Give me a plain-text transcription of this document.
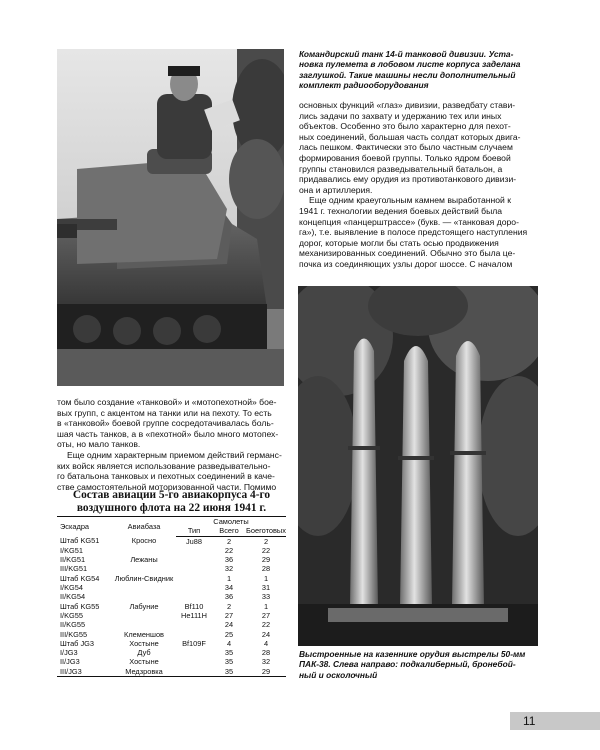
Командирский танк 14-й танковой дивизии. Уста-
новка пулемета в лобовом листе корпуса заделана
заглушкой. Такие машины несли дополнительный
комплект радиооборудования
основных функций «глаз» дивизии, разведбату стави-
лись задачи по захвату и удержанию тех или иных
объектов. Особенно это было характерно для пехот-
ных соединений, большая часть солдат которых двига-
лась пешком. Фактически это было частным случаем
формирования боевой группы. Только ядром боевой
группы становился разведывательный батальон, а
придавались ему орудия из противотанкового дивизи-
она и артиллерия.
Еще одним краеугольным камнем выработанной к
1941 г. технологии ведения боевых действий была
концепция «панцерштрассе» (букв. — «танковая доро-
га»), т.е. выявление в полосе предстоящего наступления
дорог, которые могли бы стать осью продвижения
механизированных соединений. Обычно это была це-
почка из соединяющих узлы дорог шоссе. С началом
Выстроенные на казеннике орудия выстрелы 50-мм
ПАК-38. Слева направо: подкалиберный, бронебой-
ный и осколочный
том было создание «танковой» и «мотопехотной» бое-
вых групп, с акцентом на танки или на пехоту. То есть
в «танковой» боевой группе сосредотачивалась боль-
шая часть танков, а в «пехотной» было много мотопех-
оты, но мало танков.
Еще одним характерным приемом действий германс-
ких войск является использование разведывательно-
го батальона танковых и пехотных соединений в каче-
стве самостоятельной моторизованной части. Помимо
Состав авиации 5-го авиакорпуса 4-го
воздушного флота на 22 июня 1941 г.
Эскадра	Авиабаза	Самолеты		
		Тип	Всего	Боеготовых
Штаб KG51	Кросно	Ju88	2	2
I/KG51			22	22
II/KG51	Лежаны		36	29
III/KG51			32	28
Штаб KG54	Люблин-Свидник		1	1
I/KG54			34	31
II/KG54			36	33
Штаб KG55	Лабуние	Bf110	2	1
I/KG55		He111H	27	27
II/KG55			24	22
III/KG55	Клеменшов		25	24
Штаб JG3	Хостыне	Bf109F	4	4
I/JG3	Дуб		35	28
II/JG3	Хостыне		35	32
III/JG3	Медзровка		35	29
11
